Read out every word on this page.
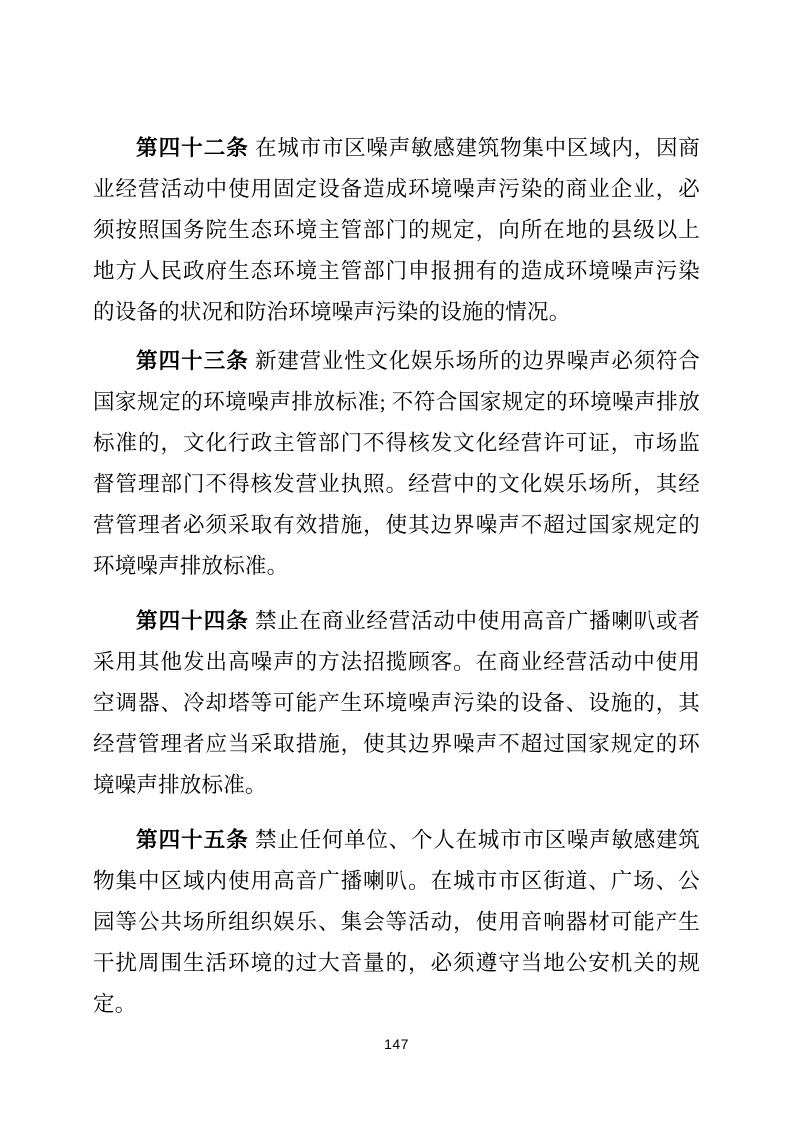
第四十二条 在城市市区噪声敏感建筑物集中区域内，因商业经营活动中使用固定设备造成环境噪声污染的商业企业，必须按照国务院生态环境主管部门的规定，向所在地的县级以上地方人民政府生态环境主管部门申报拥有的造成环境噪声污染的设备的状况和防治环境噪声污染的设施的情况。

第四十三条 新建营业性文化娱乐场所的边界噪声必须符合国家规定的环境噪声排放标准; 不符合国家规定的环境噪声排放标准的，文化行政主管部门不得核发文化经营许可证，市场监督管理部门不得核发营业执照。经营中的文化娱乐场所，其经营管理者必须采取有效措施，使其边界噪声不超过国家规定的环境噪声排放标准。

第四十四条 禁止在商业经营活动中使用高音广播喇叭或者采用其他发出高噪声的方法招揽顾客。在商业经营活动中使用空调器、冷却塔等可能产生环境噪声污染的设备、设施的，其经营管理者应当采取措施，使其边界噪声不超过国家规定的环境噪声排放标准。

第四十五条 禁止任何单位、个人在城市市区噪声敏感建筑物集中区域内使用高音广播喇叭。在城市市区街道、广场、公园等公共场所组织娱乐、集会等活动，使用音响器材可能产生干扰周围生活环境的过大音量的，必须遵守当地公安机关的规定。

147
